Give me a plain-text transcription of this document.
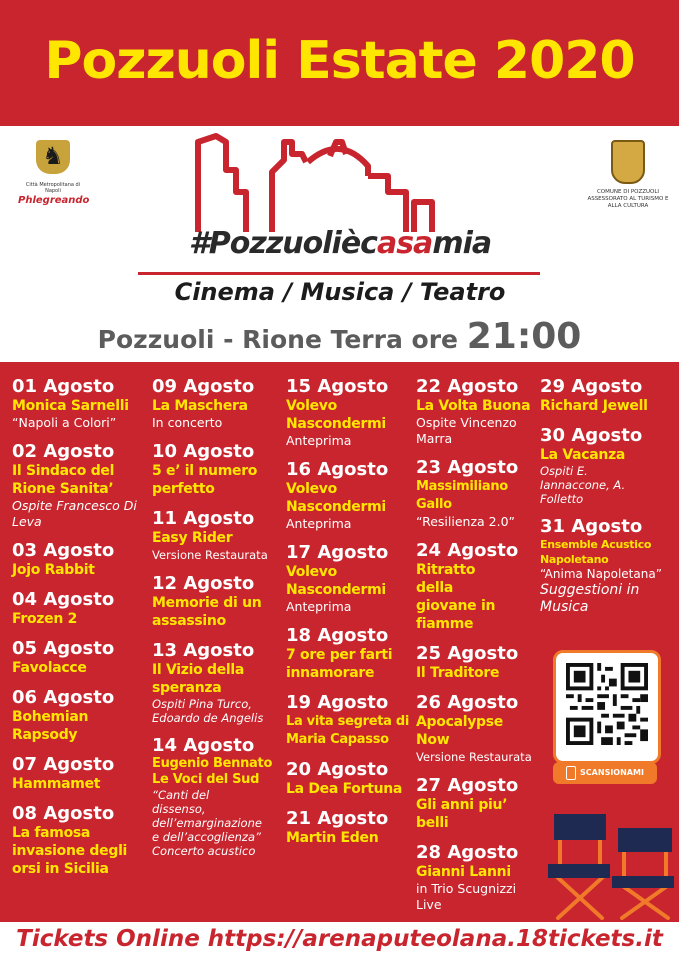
Pozzuoli Estate 2020
♞
Città Metropolitana di Napoli
Phlegreando
COMUNE DI POZZUOLI
ASSESSORATO AL TURISMO E
ALLA CULTURA
#Pozzuoliècasamia
Cinema / Musica / Teatro
Pozzuoli - Rione Terra ore 21:00
01 Agosto
Monica Sarnelli
“Napoli a Colori”
02 Agosto
Il Sindaco del Rione Sanita’
Ospite Francesco Di Leva
03 Agosto
Jojo Rabbit
04 Agosto
Frozen 2
05 Agosto
Favolacce
06 Agosto
Bohemian Rapsody
07 Agosto
Hammamet
08 Agosto
La famosa invasione degli orsi in Sicilia
09 Agosto
La Maschera
In concerto
10 Agosto
5 e’ il numero perfetto
11 Agosto
Easy Rider
Versione Restaurata
12 Agosto
Memorie di un assassino
13 Agosto
Il Vizio della speranza
Ospiti Pina Turco, Edoardo de Angelis
14 Agosto
Eugenio Bennato Le Voci del Sud
“Canti del dissenso, dell’emarginazione e dell’accoglienza” Concerto acustico
15 Agosto
Volevo Nascondermi
Anteprima
16 Agosto
Volevo Nascondermi
Anteprima
17 Agosto
Volevo Nascondermi
Anteprima
18 Agosto
7 ore per farti innamorare
19 Agosto
La vita segreta di Maria Capasso
20 Agosto
La Dea Fortuna
21 Agosto
Martin Eden
22 Agosto
La Volta Buona
Ospite Vincenzo Marra
23 Agosto
Massimiliano Gallo
“Resilienza 2.0”
24 Agosto
Ritratto della giovane in fiamme
25 Agosto
Il Traditore
26 Agosto
Apocalypse Now
Versione Restaurata
27 Agosto
Gli anni piu’ belli
28 Agosto
Gianni Lanni
in Trio Scugnizzi Live
29 Agosto
Richard Jewell
30 Agosto
La Vacanza
Ospiti E. Iannaccone, A. Folletto
31 Agosto
Ensemble Acustico Napoletano
“Anima Napoletana”
Suggestioni in Musica
SCANSIONAMI
Tickets Online https://arenaputeolana.18tickets.it
